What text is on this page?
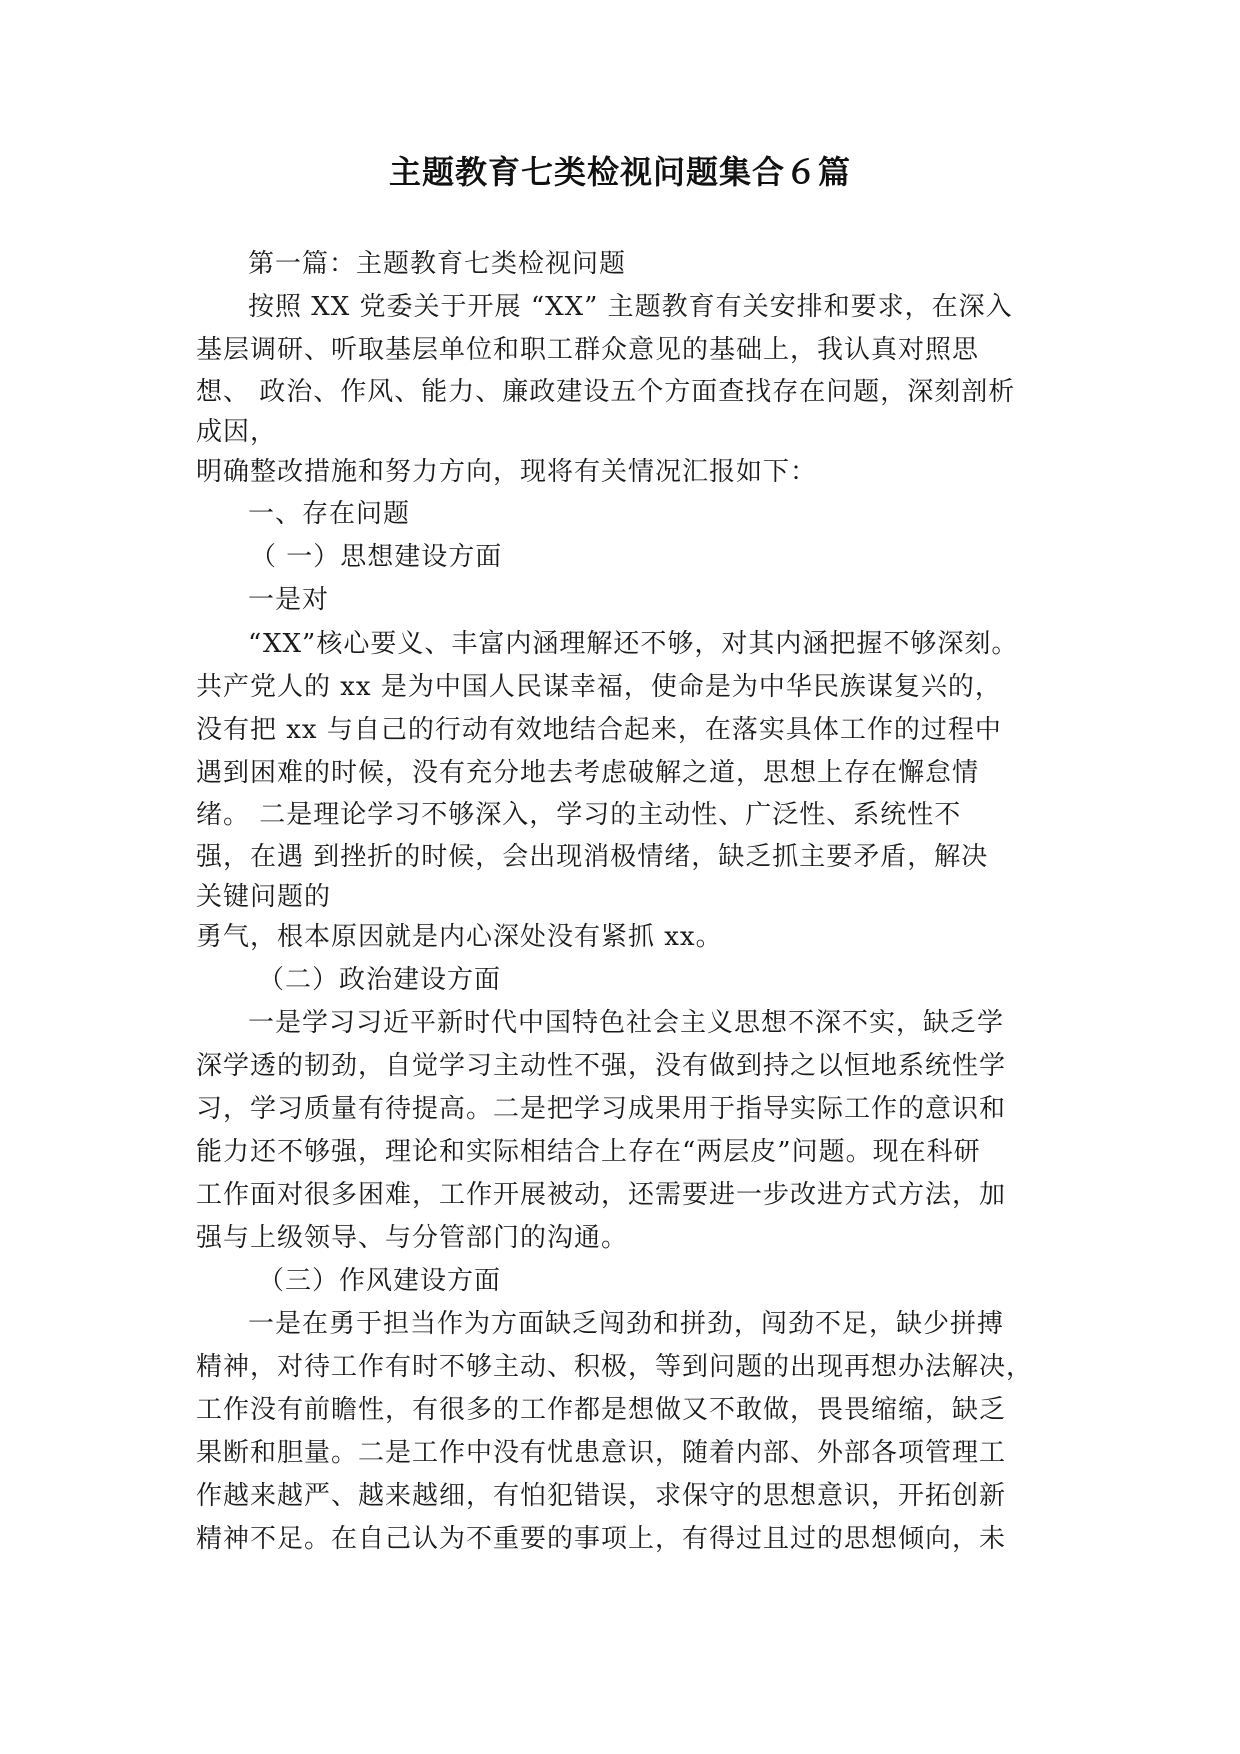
主题教育七类检视问题集合６篇

第一篇：主题教育七类检视问题

按照 XX 党委关于开展 “XX” 主题教育有关安排和要求，在深入

基层调研、听取基层单位和职工群众意见的基础上，我认真对照思

想、 政治、作风、能力、廉政建设五个方面查找存在问题，深刻剖析

成因，

明确整改措施和努力方向，现将有关情况汇报如下：

一、存在问题

（ 一）思想建设方面

一是对

“XX”核心要义、丰富内涵理解还不够，对其内涵把握不够深刻。

共产党人的 xx 是为中国人民谋幸福，使命是为中华民族谋复兴的，

没有把 xx 与自己的行动有效地结合起来，在落实具体工作的过程中

遇到困难的时候，没有充分地去考虑破解之道，思想上存在懈怠情

绪。 二是理论学习不够深入，学习的主动性、广泛性、系统性不

强，在遇 到挫折的时候，会出现消极情绪，缺乏抓主要矛盾，解决

关键问题的

勇气，根本原因就是内心深处没有紧抓 xx。

（二）政治建设方面

一是学习习近平新时代中国特色社会主义思想不深不实，缺乏学

深学透的韧劲，自觉学习主动性不强，没有做到持之以恒地系统性学

习，学习质量有待提高。二是把学习成果用于指导实际工作的意识和

能力还不够强，理论和实际相结合上存在“两层皮”问题。现在科研

工作面对很多困难，工作开展被动，还需要进一步改进方式方法，加

强与上级领导、与分管部门的沟通。

（三）作风建设方面

一是在勇于担当作为方面缺乏闯劲和拼劲，闯劲不足，缺少拼搏

精神，对待工作有时不够主动、积极，等到问题的出现再想办法解决，

工作没有前瞻性，有很多的工作都是想做又不敢做，畏畏缩缩，缺乏

果断和胆量。二是工作中没有忧患意识，随着内部、外部各项管理工

作越来越严、越来越细，有怕犯错误，求保守的思想意识，开拓创新

精神不足。在自己认为不重要的事项上，有得过且过的思想倾向，未
